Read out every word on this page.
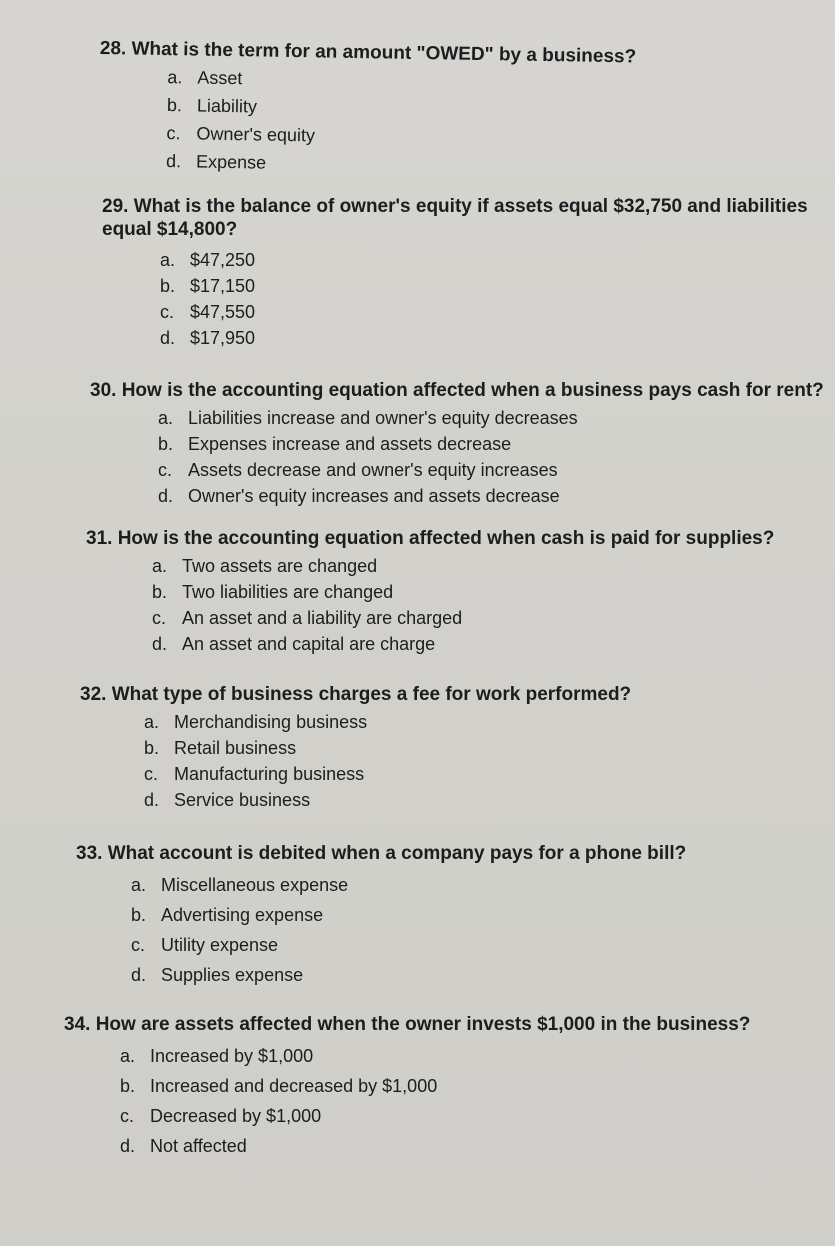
28. What is the term for an amount "OWED" by a business?

a. Asset
b. Liability
c. Owner's equity
d. Expense

29. What is the balance of owner's equity if assets equal $32,750 and liabilities equal $14,800?

a. $47,250
b. $17,150
c. $47,550
d. $17,950

30. How is the accounting equation affected when a business pays cash for rent?

a. Liabilities increase and owner's equity decreases
b. Expenses increase and assets decrease
c. Assets decrease and owner's equity increases
d. Owner's equity increases and assets decrease

31. How is the accounting equation affected when cash is paid for supplies?

a. Two assets are changed
b. Two liabilities are changed
c. An asset and a liability are charged
d. An asset and capital are charge

32. What type of business charges a fee for work performed?

a. Merchandising business
b. Retail business
c. Manufacturing business
d. Service business

33. What account is debited when a company pays for a phone bill?

a. Miscellaneous expense
b. Advertising expense
c. Utility expense
d. Supplies expense

34. How are assets affected when the owner invests $1,000 in the business?

a. Increased by $1,000
b. Increased and decreased by $1,000
c. Decreased by $1,000
d. Not affected
